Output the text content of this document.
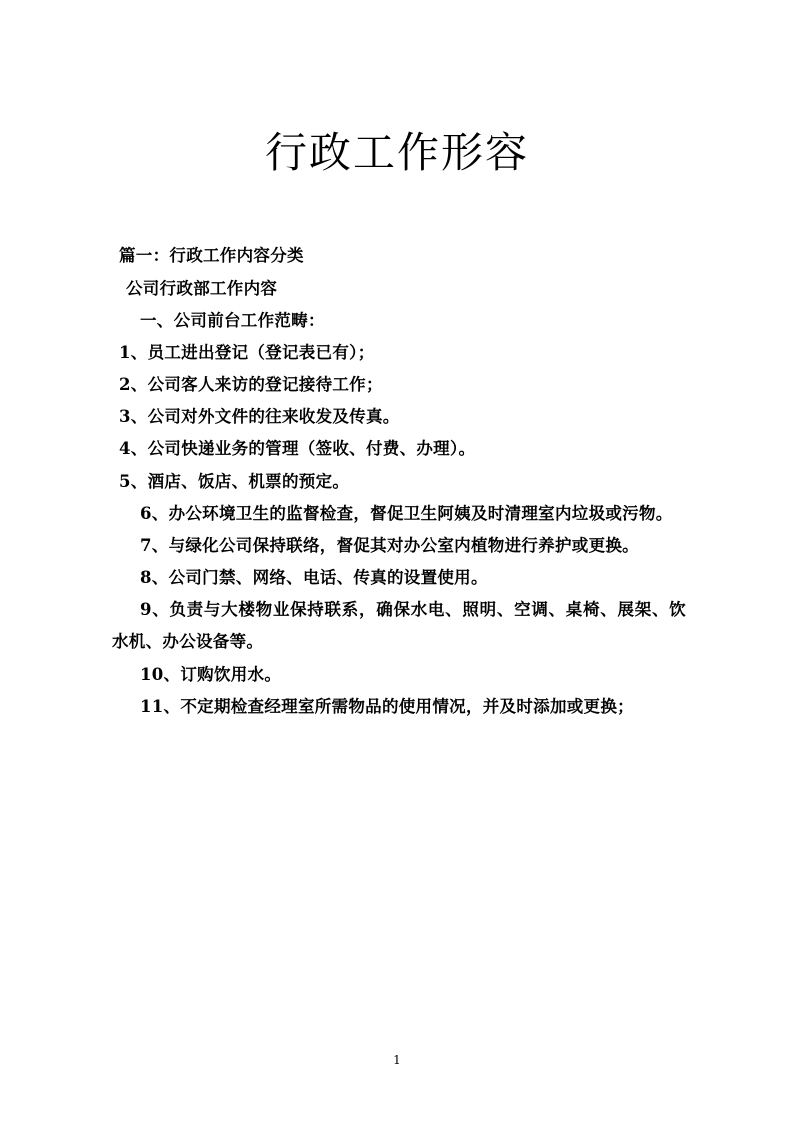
行政工作形容

篇一：行政工作内容分类

公司行政部工作内容

一、公司前台工作范畴：

1、员工进出登记（登记表已有）；

2、公司客人来访的登记接待工作；

3、公司对外文件的往来收发及传真。

4、公司快递业务的管理（签收、付费、办理）。

5、酒店、饭店、机票的预定。

6、办公环境卫生的监督检查，督促卫生阿姨及时清理室内垃圾或污物。

7、与绿化公司保持联络，督促其对办公室内植物进行养护或更换。

8、公司门禁、网络、电话、传真的设置使用。

9、负责与大楼物业保持联系，确保水电、照明、空调、桌椅、展架、饮水机、办公设备等。

10、订购饮用水。

11、不定期检查经理室所需物品的使用情况，并及时添加或更换；

1
